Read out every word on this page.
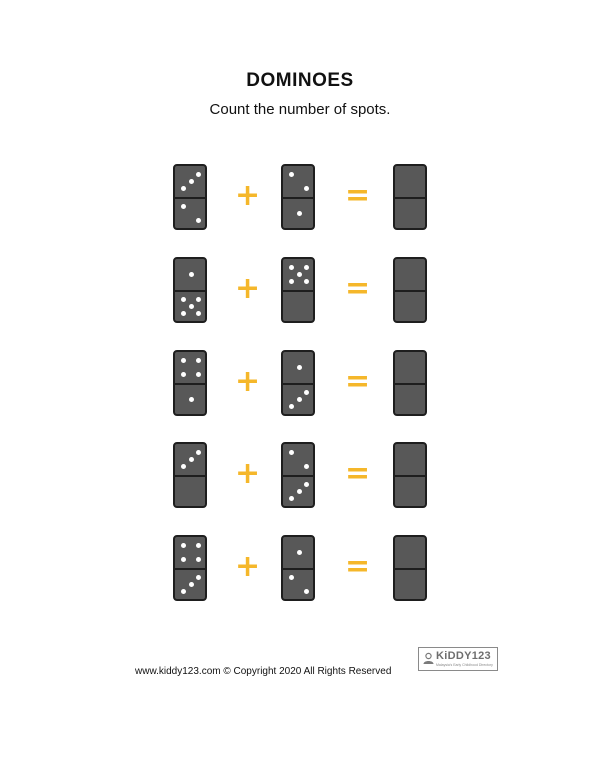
DOMINOES
Count the number of spots.
+	=
+	=
+	=
+	=
+	=
www.kiddy123.com © Copyright 2020 All Rights Reserved
KiDDY123
Malaysia's Early Childhood Directory
